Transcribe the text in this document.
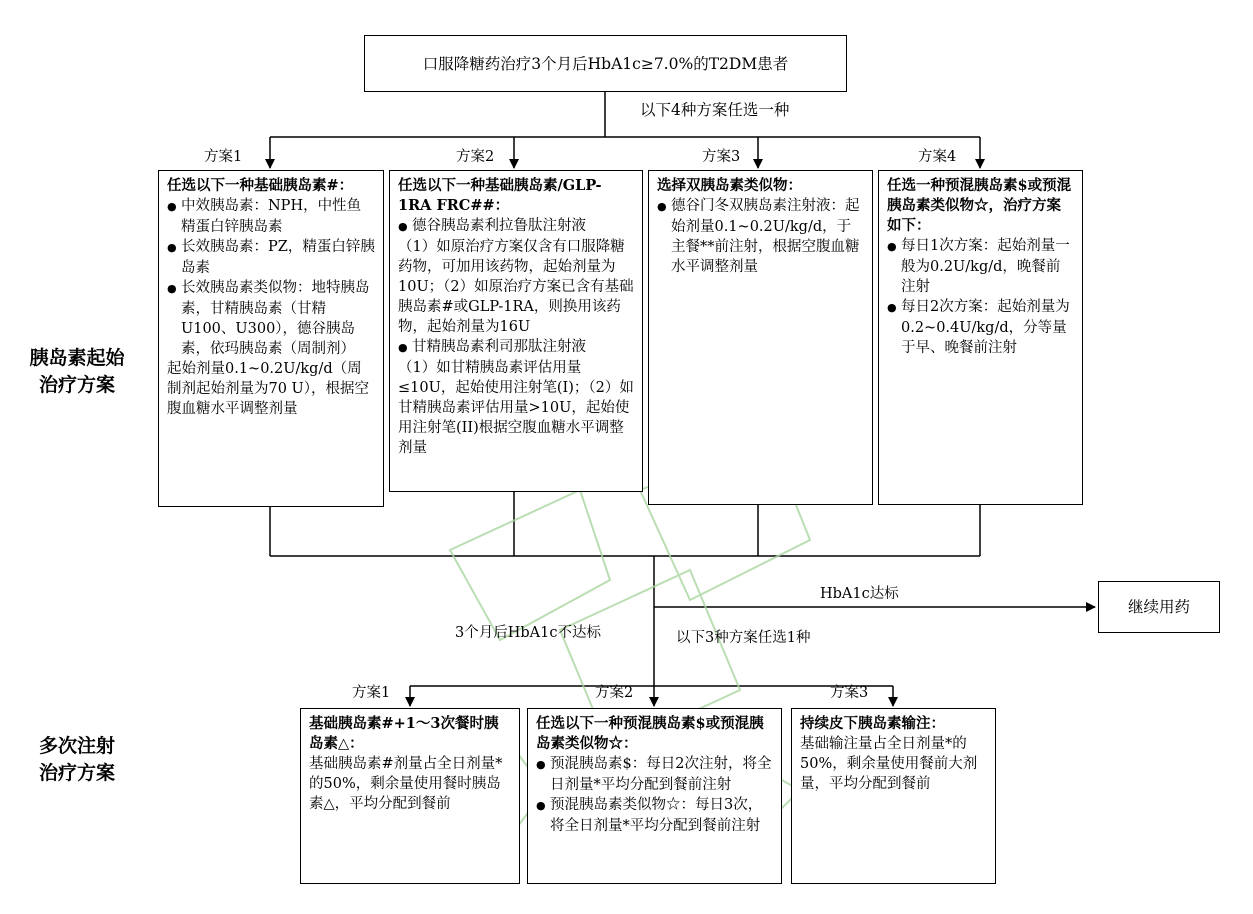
口服降糖药治疗3个月后HbA1c≥7.0%的T2DM患者
以下4种方案任选一种
胰岛素起始
治疗方案
多次注射
治疗方案
方案1	方案2	方案3	方案4
任选以下一种基础胰岛素#：
● 中效胰岛素：NPH，中性鱼精蛋白锌胰岛素
● 长效胰岛素：PZ，精蛋白锌胰岛素
● 长效胰岛素类似物：地特胰岛素，甘精胰岛素（甘精U100、U300），德谷胰岛素，依玛胰岛素（周制剂）
起始剂量0.1~0.2U/kg/d（周制剂起始剂量为70 U），根据空腹血糖水平调整剂量
任选以下一种基础胰岛素/GLP-1RA FRC##：
● 德谷胰岛素利拉鲁肽注射液
（1）如原治疗方案仅含有口服降糖药物，可加用该药物，起始剂量为10U；（2）如原治疗方案已含有基础胰岛素#或GLP-1RA，则换用该药物，起始剂量为16U
● 甘精胰岛素利司那肽注射液
（1）如甘精胰岛素评估用量≤10U，起始使用注射笔(I)；（2）如甘精胰岛素评估用量>10U，起始使用注射笔(II)根据空腹血糖水平调整剂量
选择双胰岛素类似物：
● 德谷门冬双胰岛素注射液：起始剂量0.1~0.2U/kg/d，于主餐**前注射，根据空腹血糖水平调整剂量
任选一种预混胰岛素$或预混胰岛素类似物☆，治疗方案如下：
● 每日1次方案：起始剂量一般为0.2U/kg/d，晚餐前注射
● 每日2次方案：起始剂量为0.2~0.4U/kg/d，分等量于早、晚餐前注射
HbA1c达标
继续用药
3个月后HbA1c不达标	以下3种方案任选1种
方案1	方案2	方案3
基础胰岛素#+1～3次餐时胰岛素△：
基础胰岛素#剂量占全日剂量*的50%，剩余量使用餐时胰岛素△，平均分配到餐前
任选以下一种预混胰岛素$或预混胰岛素类似物☆：
● 预混胰岛素$：每日2次注射，将全日剂量*平均分配到餐前注射
● 预混胰岛素类似物☆：每日3次，将全日剂量*平均分配到餐前注射
持续皮下胰岛素输注：
基础输注量占全日剂量*的50%，剩余量使用餐前大剂量，平均分配到餐前
